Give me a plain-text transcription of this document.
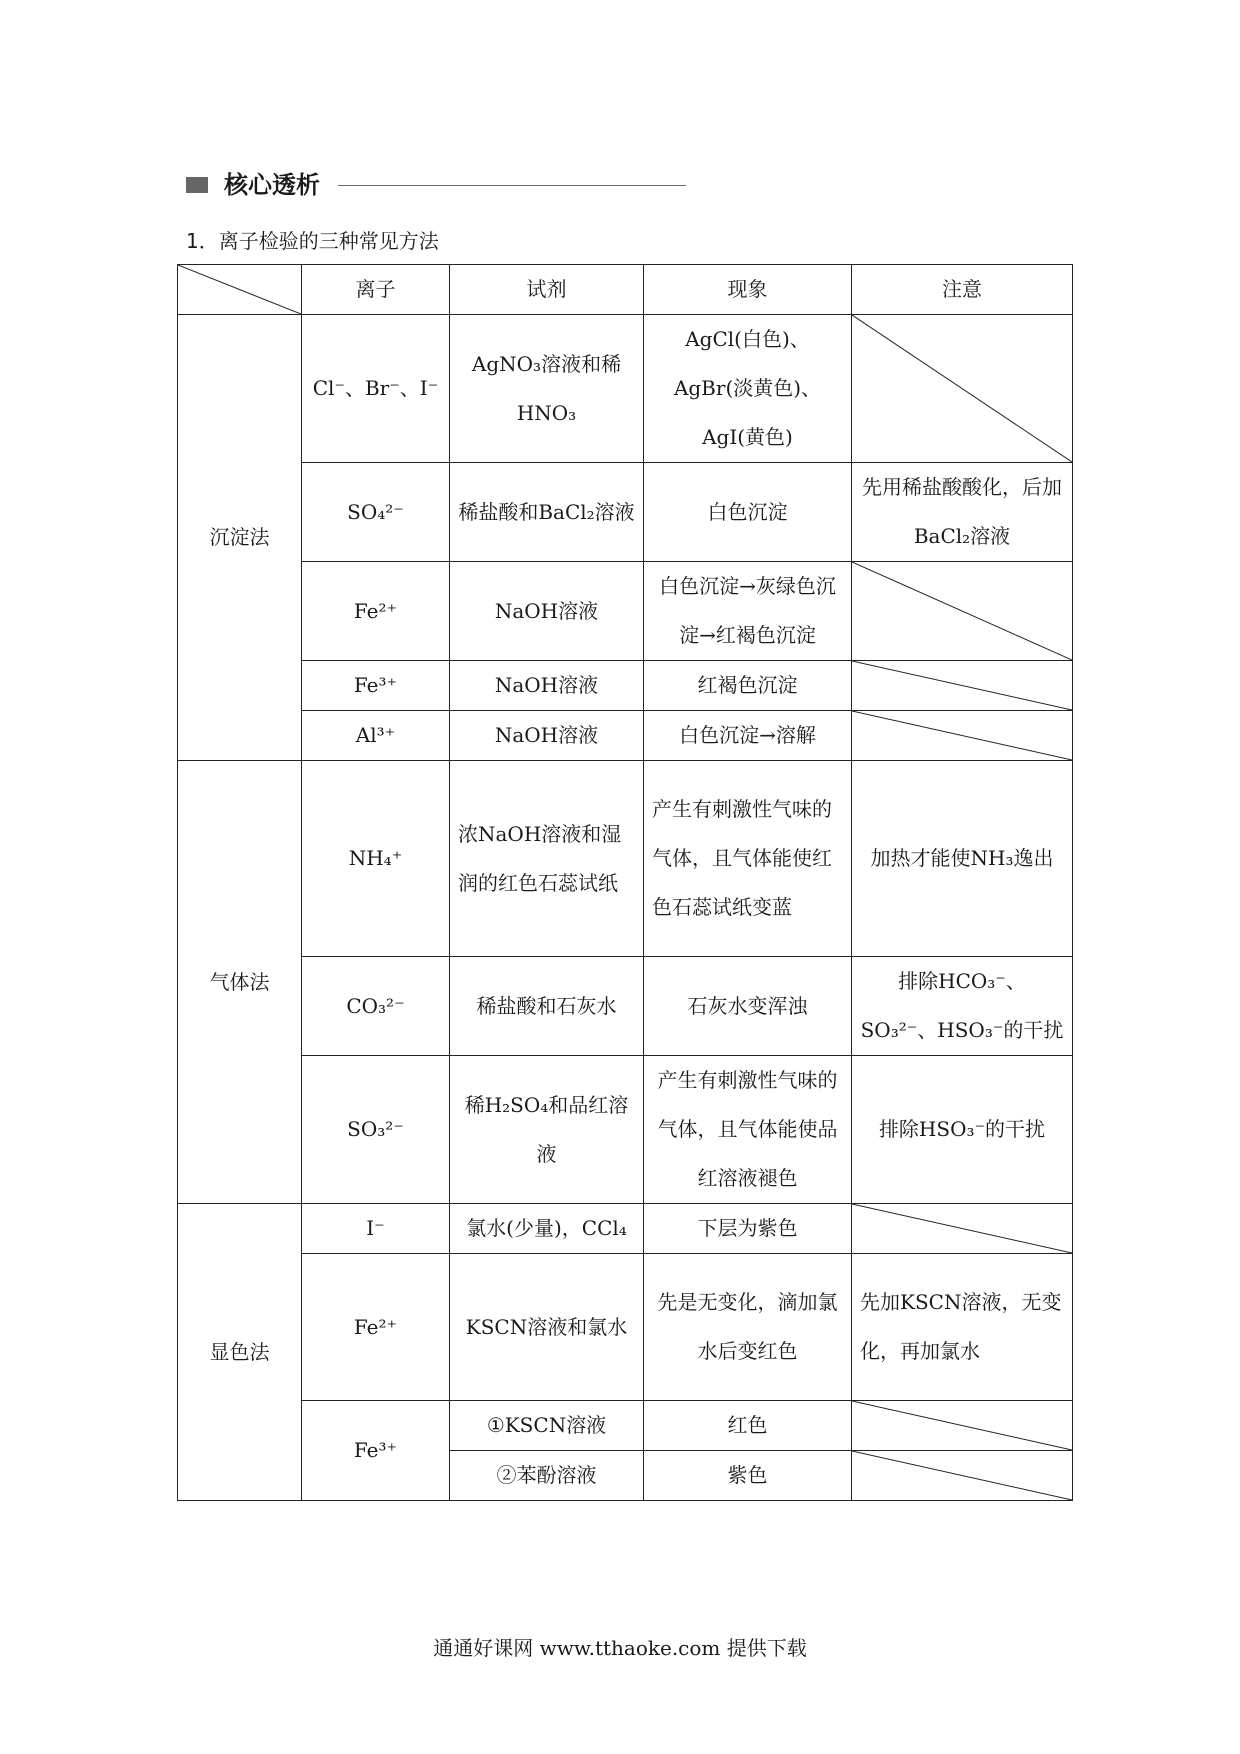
核心透析
1．离子检验的三种常见方法
	离子	试剂	现象	注意
沉淀法	Cl⁻、Br⁻、I⁻	AgNO₃溶液和稀HNO₃	AgCl(白色)、AgBr(淡黄色)、AgI(黄色)	

	SO₄²⁻	稀盐酸和BaCl₂溶液	白色沉淀	先用稀盐酸酸化，后加BaCl₂溶液
	Fe²⁺	NaOH溶液	白色沉淀→灰绿色沉淀→红褐色沉淀	

	Fe³⁺	NaOH溶液	红褐色沉淀	

	Al³⁺	NaOH溶液	白色沉淀→溶解	

气体法	NH₄⁺	浓NaOH溶液和湿润的红色石蕊试纸	产生有刺激性气味的气体，且气体能使红色石蕊试纸变蓝	加热才能使NH₃逸出
	CO₃²⁻	稀盐酸和石灰水	石灰水变浑浊	排除HCO₃⁻、SO₃²⁻、HSO₃⁻的干扰
	SO₃²⁻	稀H₂SO₄和品红溶液	产生有刺激性气味的气体，且气体能使品红溶液褪色	排除HSO₃⁻的干扰
显色法	I⁻	氯水(少量)，CCl₄	下层为紫色	

	Fe²⁺	KSCN溶液和氯水	先是无变化，滴加氯水后变红色	先加KSCN溶液，无变化，再加氯水
	Fe³⁺	①KSCN溶液	红色	

		②苯酚溶液	紫色	
通通好课网 www.tthaoke.com 提供下载
